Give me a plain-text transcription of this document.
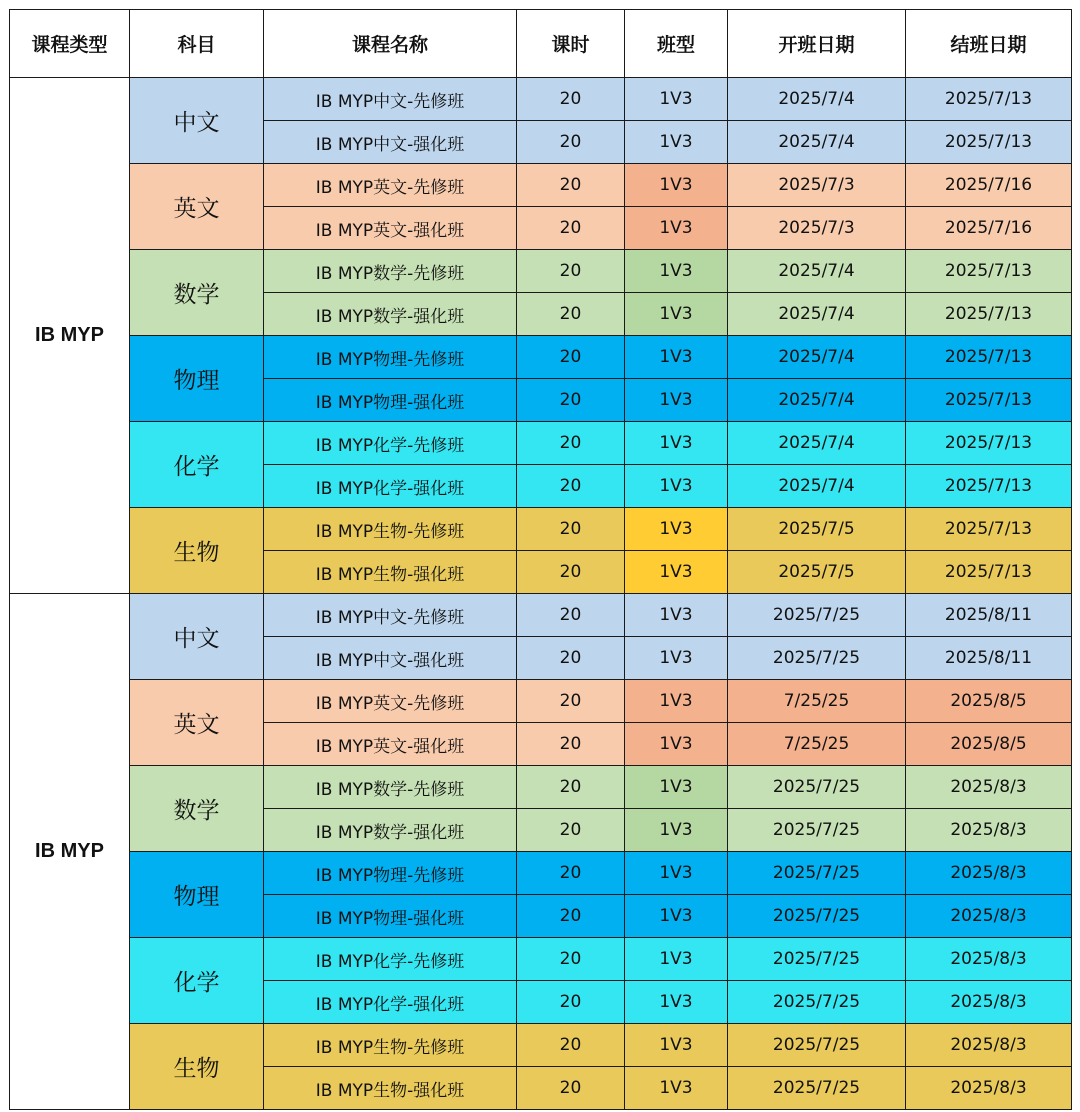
课程类型	科目	课程名称	课时	班型	开班日期	结班日期
IB MYP	中文	IB MYP中文-先修班	20	1V3	2025/7/4	2025/7/13
		IB MYP中文-强化班	20	1V3	2025/7/4	2025/7/13
	英文	IB MYP英文-先修班	20	1V3	2025/7/3	2025/7/16
		IB MYP英文-强化班	20	1V3	2025/7/3	2025/7/16
	数学	IB MYP数学-先修班	20	1V3	2025/7/4	2025/7/13
		IB MYP数学-强化班	20	1V3	2025/7/4	2025/7/13
	物理	IB MYP物理-先修班	20	1V3	2025/7/4	2025/7/13
		IB MYP物理-强化班	20	1V3	2025/7/4	2025/7/13
	化学	IB MYP化学-先修班	20	1V3	2025/7/4	2025/7/13
		IB MYP化学-强化班	20	1V3	2025/7/4	2025/7/13
	生物	IB MYP生物-先修班	20	1V3	2025/7/5	2025/7/13
		IB MYP生物-强化班	20	1V3	2025/7/5	2025/7/13
IB MYP	中文	IB MYP中文-先修班	20	1V3	2025/7/25	2025/8/11
		IB MYP中文-强化班	20	1V3	2025/7/25	2025/8/11
	英文	IB MYP英文-先修班	20	1V3	7/25/25	2025/8/5
		IB MYP英文-强化班	20	1V3	7/25/25	2025/8/5
	数学	IB MYP数学-先修班	20	1V3	2025/7/25	2025/8/3
		IB MYP数学-强化班	20	1V3	2025/7/25	2025/8/3
	物理	IB MYP物理-先修班	20	1V3	2025/7/25	2025/8/3
		IB MYP物理-强化班	20	1V3	2025/7/25	2025/8/3
	化学	IB MYP化学-先修班	20	1V3	2025/7/25	2025/8/3
		IB MYP化学-强化班	20	1V3	2025/7/25	2025/8/3
	生物	IB MYP生物-先修班	20	1V3	2025/7/25	2025/8/3
		IB MYP生物-强化班	20	1V3	2025/7/25	2025/8/3
